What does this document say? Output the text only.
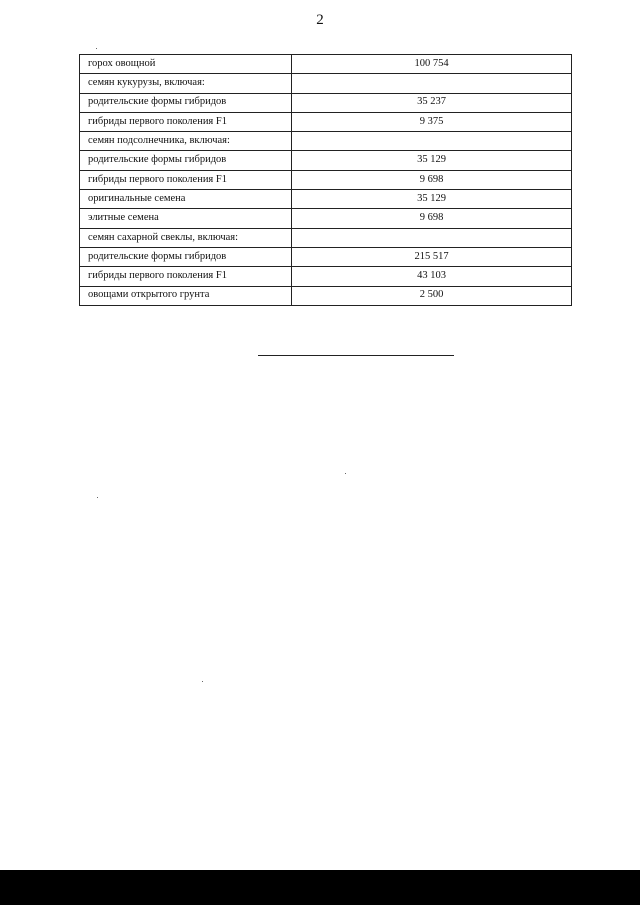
2
горох овощной	100 754
семян кукурузы, включая:	
родительские формы гибридов	35 237
гибриды первого поколения F1	9 375
семян подсолнечника, включая:	
родительские формы гибридов	35 129
гибриды первого поколения F1	9 698
оригинальные семена	35 129
элитные семена	9 698
семян сахарной свеклы, включая:	
родительские формы гибридов	215 517
гибриды первого поколения F1	43 103
овощами открытого грунта	2 500
